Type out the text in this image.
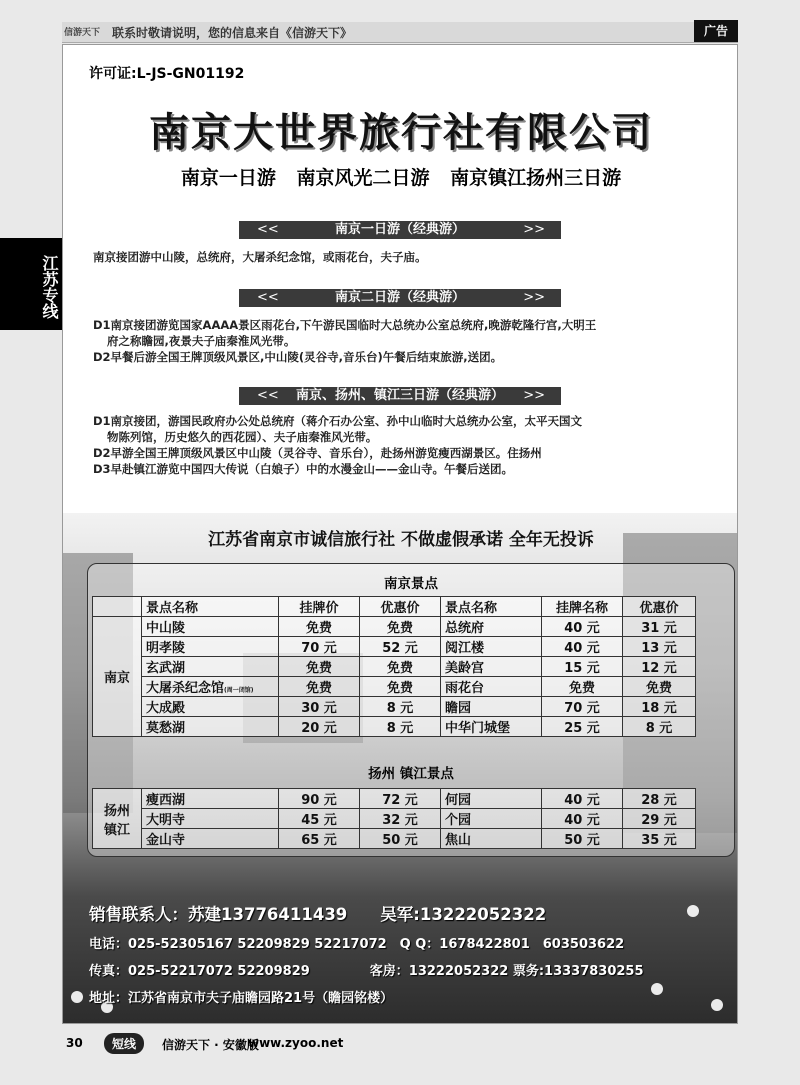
信游天下 联系时敬请说明，您的信息来自《信游天下》	广告
江苏专线
许可证:L-JS-GN01192
南京大世界旅行社有限公司
南京一日游 南京风光二日游 南京镇江扬州三日游
<<	南京一日游（经典游）	>>
南京接团游中山陵，总统府，大屠杀纪念馆，或雨花台，夫子庙。
<<	南京二日游（经典游）	>>
D1南京接团游览国家AAAA景区雨花台,下午游民国临时大总统办公室总统府,晚游乾隆行宫,大明王
府之称瞻园,夜景夫子庙秦淮风光带。
D2早餐后游全国王牌顶级风景区,中山陵(灵谷寺,音乐台)午餐后结束旅游,送团。
<<	南京、扬州、镇江三日游（经典游）	>>
D1南京接团，游国民政府办公处总统府（蒋介石办公室、孙中山临时大总统办公室，太平天国文
物陈列馆，历史悠久的西花园）、夫子庙秦淮风光带。
D2早游全国王牌顶级风景区中山陵（灵谷寺、音乐台），赴扬州游览瘦西湖景区。住扬州
D3早赴镇江游览中国四大传说（白娘子）中的水漫金山——金山寺。午餐后送团。
江苏省南京市诚信旅行社 不做虚假承诺 全年无投诉
南京景点
	景点名称	挂牌价	优惠价	景点名称	挂牌名称	优惠价
南京	中山陵	免费	免费	总统府	40 元	31 元
	明孝陵	70 元	52 元	阅江楼	40 元	13 元
	玄武湖	免费	免费	美龄宫	15 元	12 元
	大屠杀纪念馆(周一闭馆)	免费	免费	雨花台	免费	免费
	大成殿	30 元	8 元	瞻园	70 元	18 元
	莫愁湖	20 元	8 元	中华门城堡	25 元	8 元
扬州 镇江景点
扬州
镇江	瘦西湖	90 元	72 元	何园	40 元	28 元
	大明寺	45 元	32 元	个园	40 元	29 元
	金山寺	65 元	50 元	焦山	50 元	35 元
销售联系人：苏建13776411439　　吴军:13222052322
电话：025-52305167 52209829 52217072　Q Q：1678422801　603503622
传真：025-52217072 52209829	客房：13222052322 票务:13337830255
地址：江苏省南京市夫子庙瞻园路21号（瞻园铭楼）
30	短线	信游天下 · 安徽版
www.zyoo.net
